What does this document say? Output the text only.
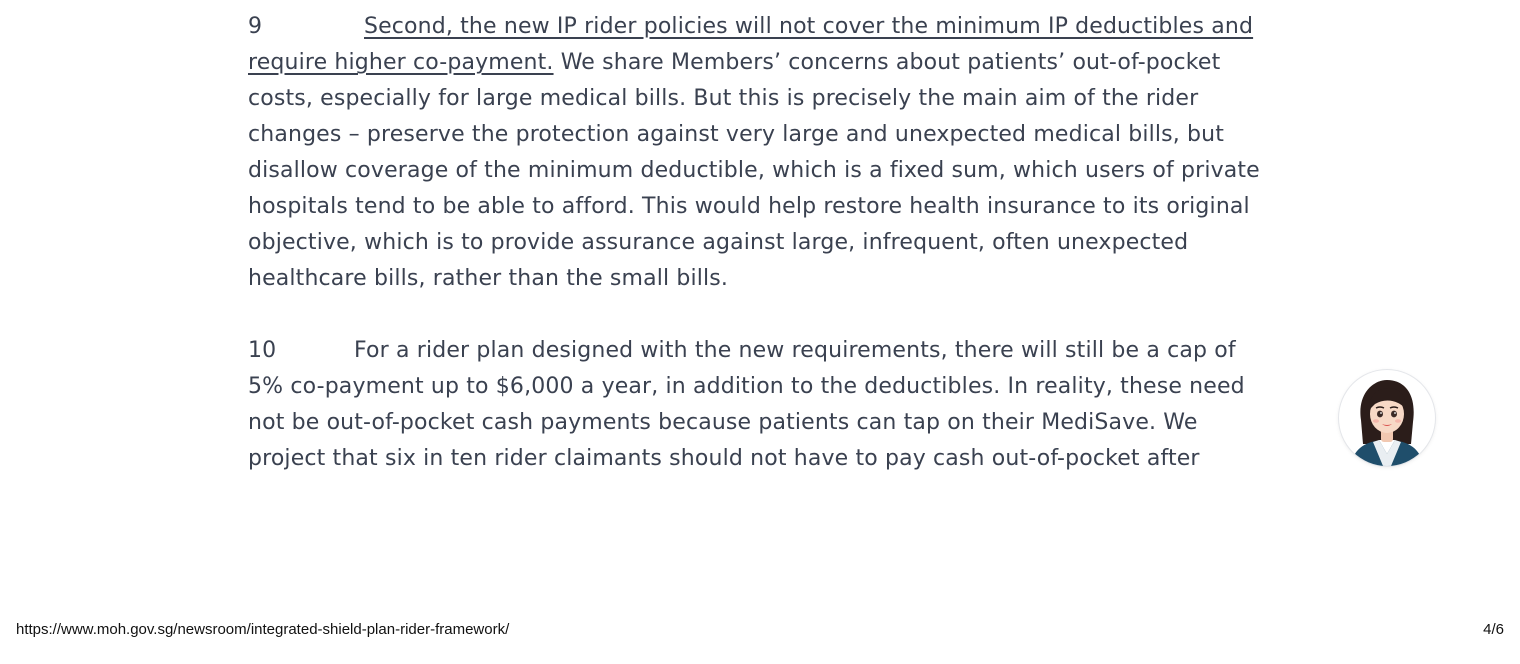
9	Second, the new IP rider policies will not cover the minimum IP deductibles and require higher co-payment. We share Members’ concerns about patients’ out-of-pocket costs, especially for large medical bills. But this is precisely the main aim of the rider changes – preserve the protection against very large and unexpected medical bills, but disallow coverage of the minimum deductible, which is a fixed sum, which users of private hospitals tend to be able to afford. This would help restore health insurance to its original objective, which is to provide assurance against large, infrequent, often unexpected healthcare bills, rather than the small bills.

10	For a rider plan designed with the new requirements, there will still be a cap of 5% co-payment up to $6,000 a year, in addition to the deductibles. In reality, these need not be out-of-pocket cash payments because patients can tap on their MediSave. We project that six in ten rider claimants should not have to pay cash out-of-pocket after

https://www.moh.gov.sg/newsroom/integrated-shield-plan-rider-framework/	4/6
